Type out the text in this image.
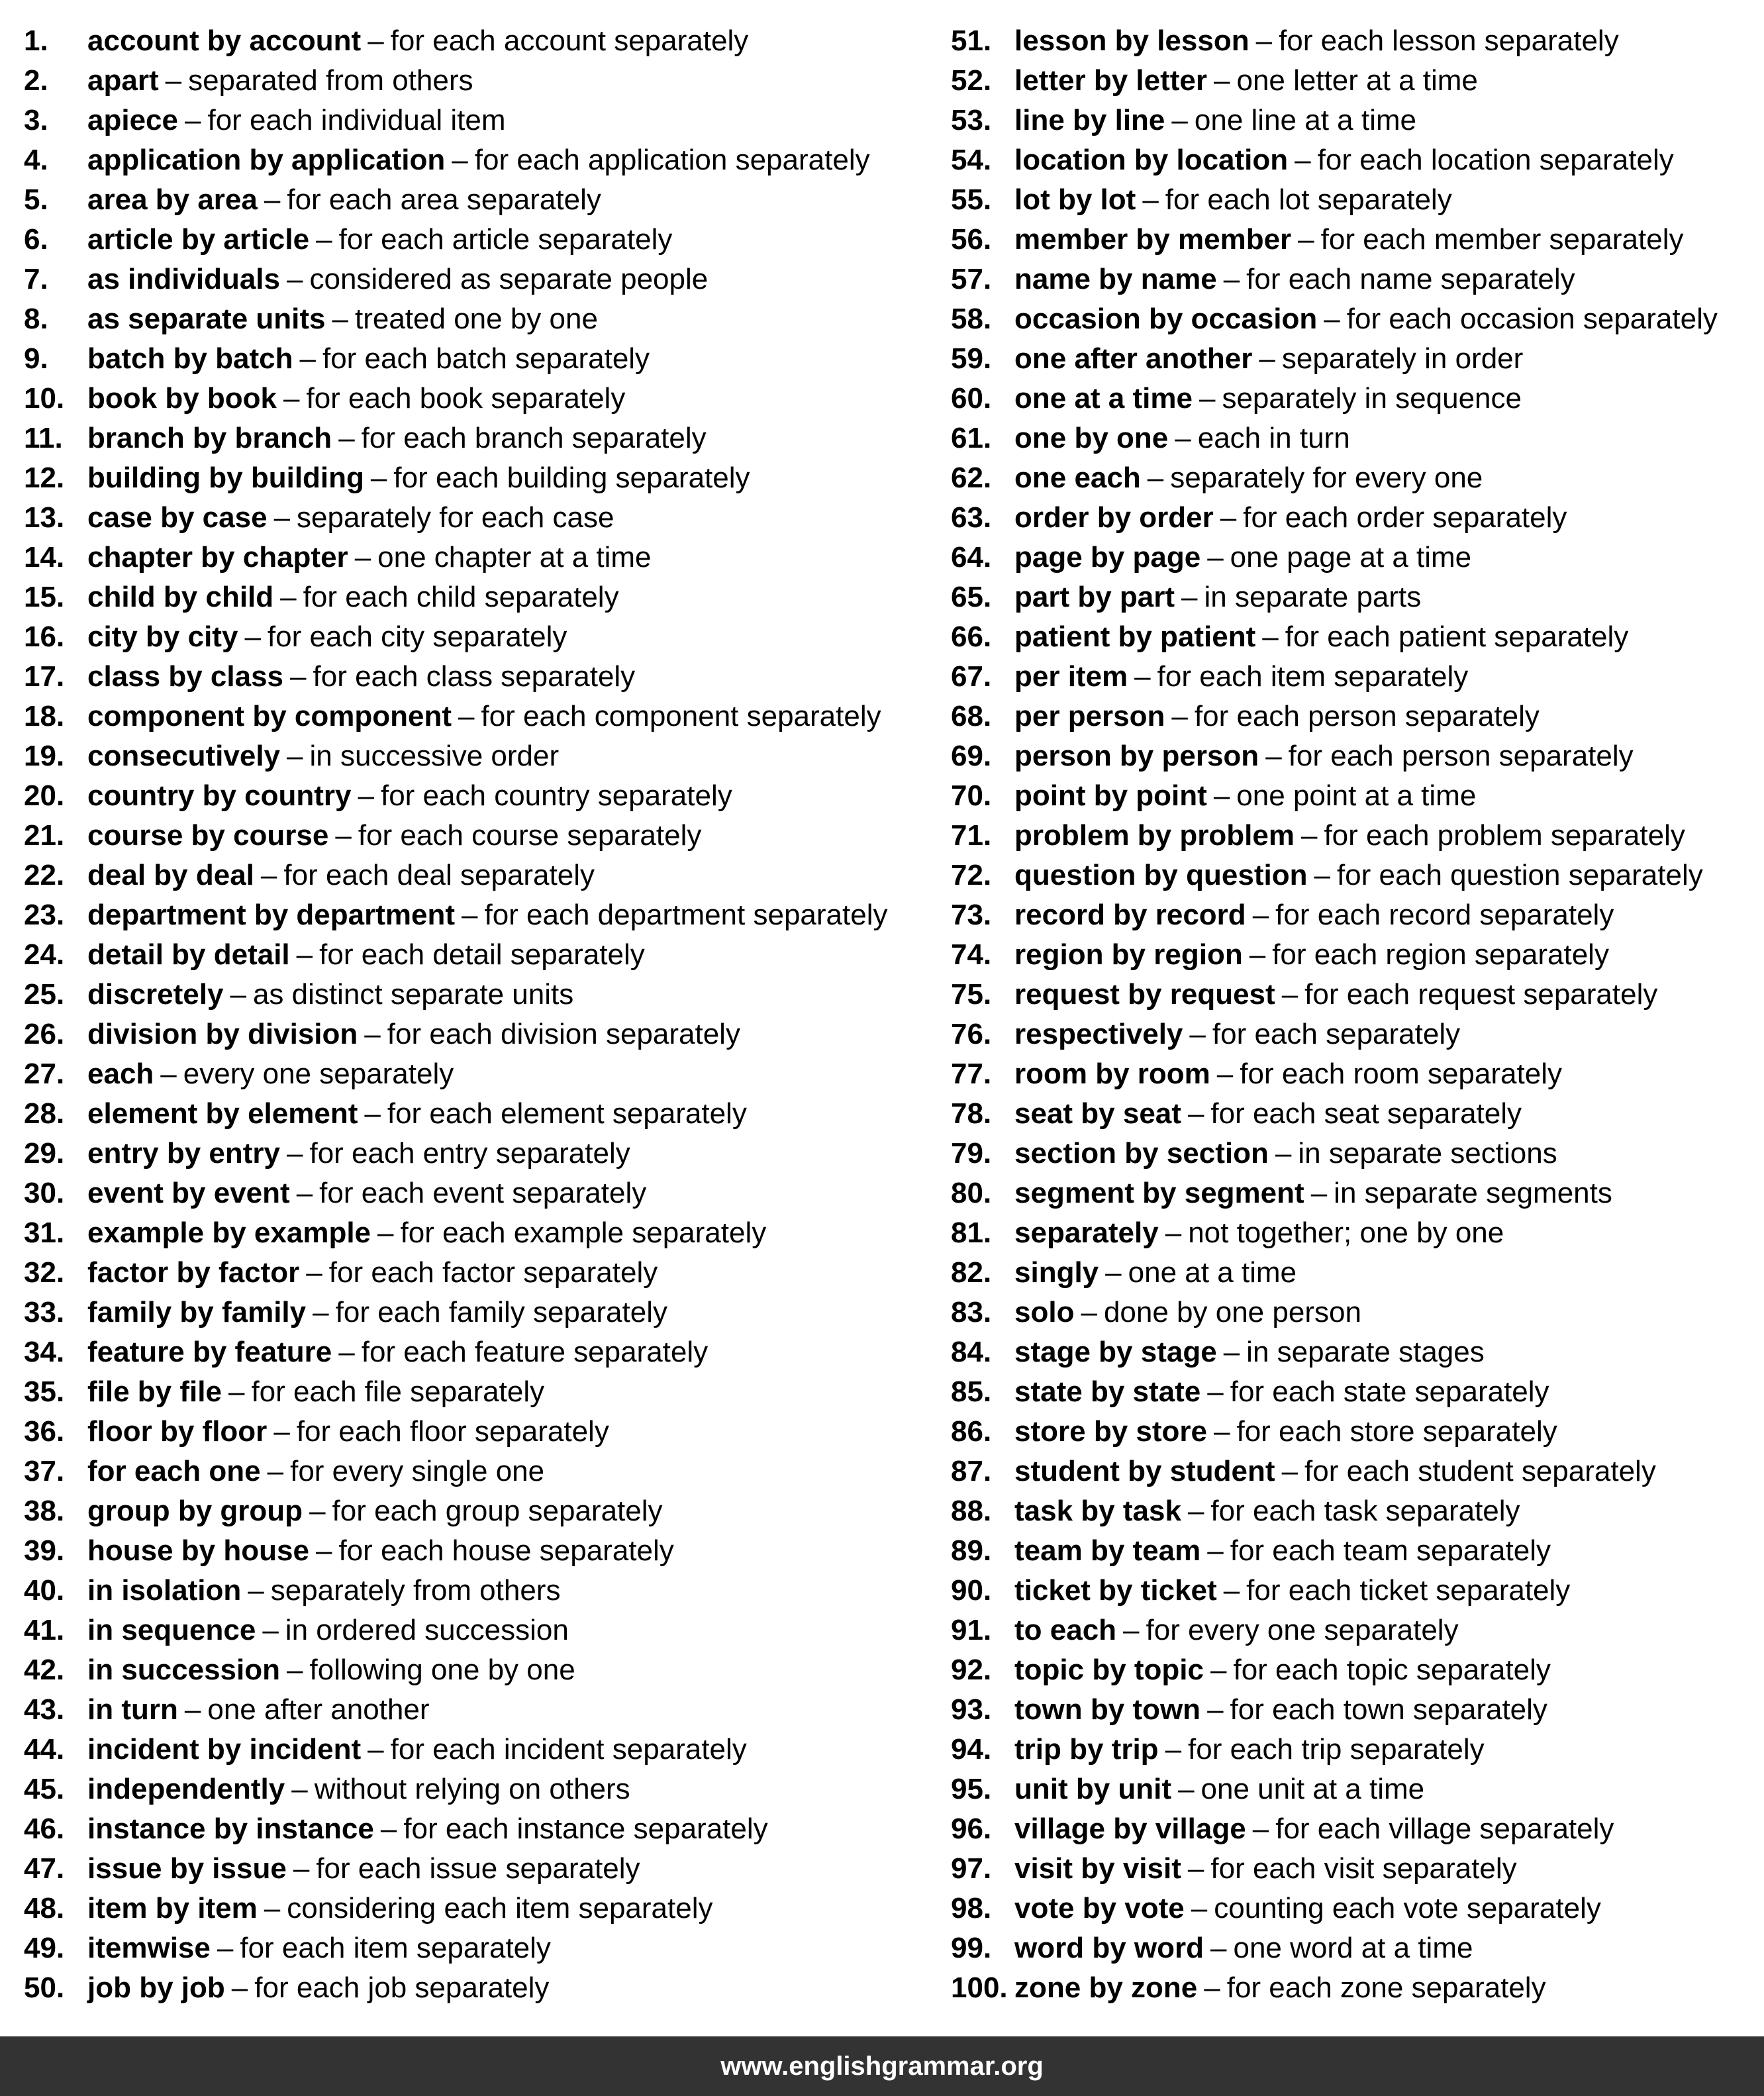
1.	account by account – for each account separately
2.	apart – separated from others
3.	apiece – for each individual item
4.	application by application – for each application separately
5.	area by area – for each area separately
6.	article by article – for each article separately
7.	as individuals – considered as separate people
8.	as separate units – treated one by one
9.	batch by batch – for each batch separately
10. book by book – for each book separately
11. branch by branch – for each branch separately
12. building by building – for each building separately
13. case by case – separately for each case
14. chapter by chapter – one chapter at a time
15. child by child – for each child separately
16. city by city – for each city separately
17. class by class – for each class separately
18. component by component – for each component separately
19. consecutively – in successive order
20. country by country – for each country separately
21. course by course – for each course separately
22. deal by deal – for each deal separately
23. department by department – for each department separately
24. detail by detail – for each detail separately
25. discretely – as distinct separate units
26. division by division – for each division separately
27. each – every one separately
28. element by element – for each element separately
29. entry by entry – for each entry separately
30. event by event – for each event separately
31. example by example – for each example separately
32. factor by factor – for each factor separately
33. family by family – for each family separately
34. feature by feature – for each feature separately
35. file by file – for each file separately
36. floor by floor – for each floor separately
37. for each one – for every single one
38. group by group – for each group separately
39. house by house – for each house separately
40. in isolation – separately from others
41. in sequence – in ordered succession
42. in succession – following one by one
43. in turn – one after another
44. incident by incident – for each incident separately
45. independently – without relying on others
46. instance by instance – for each instance separately
47. issue by issue – for each issue separately
48. item by item – considering each item separately
49. itemwise – for each item separately
50. job by job – for each job separately
51. lesson by lesson – for each lesson separately
52. letter by letter – one letter at a time
53. line by line – one line at a time
54. location by location – for each location separately
55. lot by lot – for each lot separately
56. member by member – for each member separately
57. name by name – for each name separately
58. occasion by occasion – for each occasion separately
59. one after another – separately in order
60. one at a time – separately in sequence
61. one by one – each in turn
62. one each – separately for every one
63. order by order – for each order separately
64. page by page – one page at a time
65. part by part – in separate parts
66. patient by patient – for each patient separately
67. per item – for each item separately
68. per person – for each person separately
69. person by person – for each person separately
70. point by point – one point at a time
71. problem by problem – for each problem separately
72. question by question – for each question separately
73. record by record – for each record separately
74. region by region – for each region separately
75. request by request – for each request separately
76. respectively – for each separately
77. room by room – for each room separately
78. seat by seat – for each seat separately
79. section by section – in separate sections
80. segment by segment – in separate segments
81. separately – not together; one by one
82. singly – one at a time
83. solo – done by one person
84. stage by stage – in separate stages
85. state by state – for each state separately
86. store by store – for each store separately
87. student by student – for each student separately
88. task by task – for each task separately
89. team by team – for each team separately
90. ticket by ticket – for each ticket separately
91. to each – for every one separately
92. topic by topic – for each topic separately
93. town by town – for each town separately
94. trip by trip – for each trip separately
95. unit by unit – one unit at a time
96. village by village – for each village separately
97. visit by visit – for each visit separately
98. vote by vote – counting each vote separately
99. word by word – one word at a time
100. zone by zone – for each zone separately
www.englishgrammar.org
